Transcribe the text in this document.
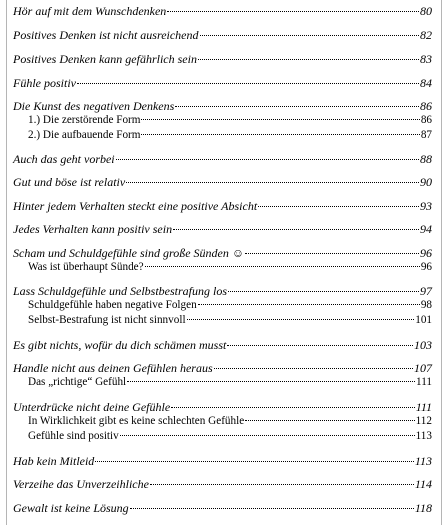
Hör auf mit dem Wunschdenken	80
Positives Denken ist nicht ausreichend	82
Positives Denken kann gefährlich sein	83
Fühle positiv	84
Die Kunst des negativen Denkens	86
1.) Die zerstörende Form	86
2.) Die aufbauende Form	87
Auch das geht vorbei	88
Gut und böse ist relativ	90
Hinter jedem Verhalten steckt eine positive Absicht	93
Jedes Verhalten kann positiv sein	94
Scham und Schuldgefühle sind große Sünden ☺	96
Was ist überhaupt Sünde?	96
Lass Schuldgefühle und Selbstbestrafung los	97
Schuldgefühle haben negative Folgen	98
Selbst-Bestrafung ist nicht sinnvoll	101
Es gibt nichts, wofür du dich schämen musst	103
Handle nicht aus deinen Gefühlen heraus	107
Das „richtige“ Gefühl	111
Unterdrücke nicht deine Gefühle	111
In Wirklichkeit gibt es keine schlechten Gefühle	112
Gefühle sind positiv	113
Hab kein Mitleid	113
Verzeihe das Unverzeihliche	114
Gewalt ist keine Lösung	118
